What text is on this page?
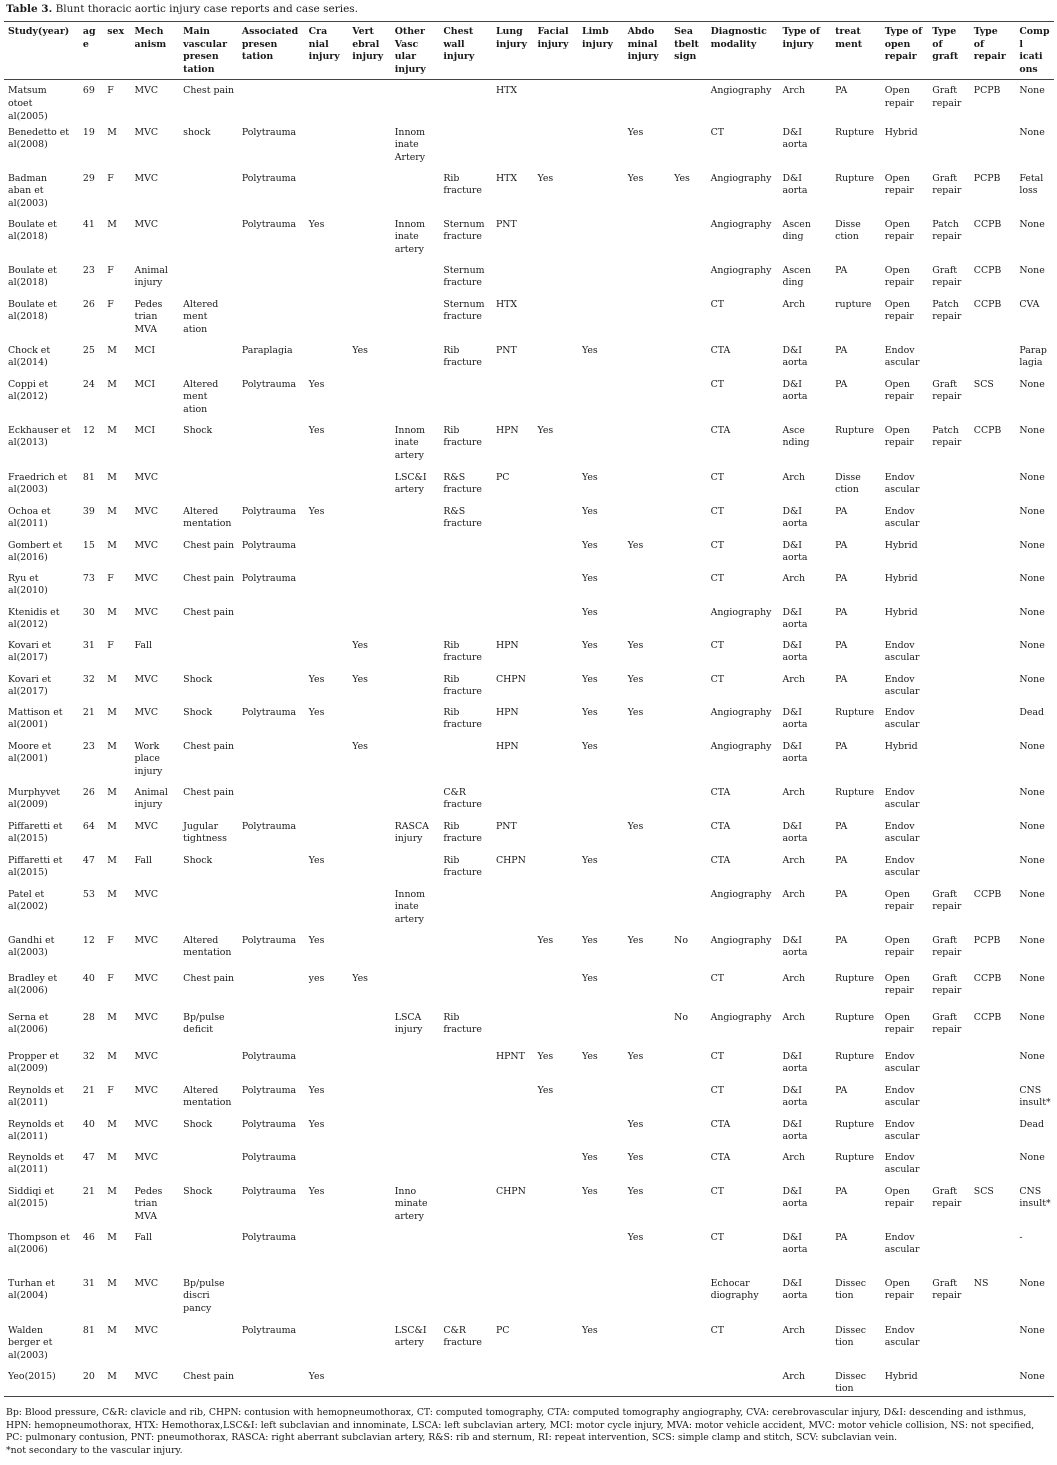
Table 3. Blunt thoracic aortic injury case reports and case series.
Study(year)	age	sex	Mech
anism	Main
vascular
presen
tation	Associated
presen
tation	Cra
nial
injury	Vert
ebral
injury	Other
Vasc
ular
injury	Chest
wall
injury	Lung
injury	Facial
injury	Limb
injury	Abdo
minal
injury	Sea
tbelt
sign	Diagnostic
modality	Type of
injury	treat
ment	Type of
open
repair	Type
of
graft	Type
of
repair	Compl
icati
ons
Matsum
otoet
al(2005)	69	F	MVC	Chest pain						HTX					Angiography	Arch	PA	Open
repair	Graft
repair	PCPB	None
Benedetto et
al(2008)	19	M	MVC	shock	Polytrauma			Innom
inate
Artery					Yes		CT	D&I
aorta	Rupture	Hybrid			None
Badman
aban et
al(2003)	29	F	MVC		Polytrauma				Rib
fracture	HTX	Yes		Yes	Yes	Angiography	D&I
aorta	Rupture	Open
repair	Graft
repair	PCPB	Fetal
loss
Boulate et
al(2018)	41	M	MVC		Polytrauma	Yes		Innom
inate
artery	Sternum
fracture	PNT					Angiography	Ascen
ding	Disse
ction	Open
repair	Patch
repair	CCPB	None
Boulate et
al(2018)	23	F	Animal
injury						Sternum
fracture						Angiography	Ascen
ding	PA	Open
repair	Graft
repair	CCPB	None
Boulate et
al(2018)	26	F	Pedes
trian
MVA	Altered
ment
ation					Sternum
fracture	HTX					CT	Arch	rupture	Open
repair	Patch
repair	CCPB	CVA
Chock et
al(2014)	25	M	MCI		Paraplagia		Yes		Rib
fracture	PNT		Yes			CTA	D&I
aorta	PA	Endov
ascular			Parap
lagia
Coppi et
al(2012)	24	M	MCI	Altered
ment
ation	Polytrauma	Yes									CT	D&I
aorta	PA	Open
repair	Graft
repair	SCS	None
Eckhauser et
al(2013)	12	M	MCI	Shock		Yes		Innom
inate
artery	Rib
fracture	HPN	Yes				CTA	Asce
nding	Rupture	Open
repair	Patch
repair	CCPB	None
Fraedrich et
al(2003)	81	M	MVC					LSC&I
artery	R&S
fracture	PC		Yes			CT	Arch	Disse
ction	Endov
ascular			None
Ochoa et
al(2011)	39	M	MVC	Altered
mentation	Polytrauma	Yes			R&S
fracture			Yes			CT	D&I
aorta	PA	Endov
ascular			None
Gombert et
al(2016)	15	M	MVC	Chest pain	Polytrauma							Yes	Yes		CT	D&I
aorta	PA	Hybrid			None
Ryu et
al(2010)	73	F	MVC	Chest pain	Polytrauma							Yes			CT	Arch	PA	Hybrid			None
Ktenidis et
al(2012)	30	M	MVC	Chest pain								Yes			Angiography	D&I
aorta	PA	Hybrid			None
Kovari et
al(2017)	31	F	Fall				Yes		Rib
fracture	HPN		Yes	Yes		CT	D&I
aorta	PA	Endov
ascular			None
Kovari et
al(2017)	32	M	MVC	Shock		Yes	Yes		Rib
fracture	CHPN		Yes	Yes		CT	Arch	PA	Endov
ascular			None
Mattison et
al(2001)	21	M	MVC	Shock	Polytrauma	Yes			Rib
fracture	HPN		Yes	Yes		Angiography	D&I
aorta	Rupture	Endov
ascular			Dead
Moore et
al(2001)	23	M	Work
place
injury	Chest pain			Yes			HPN		Yes			Angiography	D&I
aorta	PA	Hybrid			None
Murphyvet
al(2009)	26	M	Animal
injury	Chest pain					C&R
fracture						CTA	Arch	Rupture	Endov
ascular			None
Piffaretti et
al(2015)	64	M	MVC	Jugular
tightness	Polytrauma			RASCA
injury	Rib
fracture	PNT			Yes		CTA	D&I
aorta	PA	Endov
ascular			None
Piffaretti et
al(2015)	47	M	Fall	Shock		Yes			Rib
fracture	CHPN		Yes			CTA	Arch	PA	Endov
ascular			None
Patel et
al(2002)	53	M	MVC					Innom
inate
artery							Angiography	Arch	PA	Open
repair	Graft
repair	CCPB	None
Gandhi et
al(2003)	12	F	MVC	Altered
mentation	Polytrauma	Yes					Yes	Yes	Yes	No	Angiography	D&I
aorta	PA	Open
repair	Graft
repair	PCPB	None
Bradley et
al(2006)	40	F	MVC	Chest pain		yes	Yes					Yes			CT	Arch	Rupture	Open
repair	Graft
repair	CCPB	None
Serna et
al(2006)	28	M	MVC	Bp/pulse
deficit				LSCA
injury	Rib
fracture					No	Angiography	Arch	Rupture	Open
repair	Graft
repair	CCPB	None
Propper et
al(2009)	32	M	MVC		Polytrauma					HPNT	Yes	Yes	Yes		CT	D&I
aorta	Rupture	Endov
ascular			None
Reynolds et
al(2011)	21	F	MVC	Altered
mentation	Polytrauma	Yes					Yes				CT	D&I
aorta	PA	Endov
ascular			CNS
insult*
Reynolds et
al(2011)	40	M	MVC	Shock	Polytrauma	Yes							Yes		CTA	D&I
aorta	Rupture	Endov
ascular			Dead
Reynolds et
al(2011)	47	M	MVC		Polytrauma							Yes	Yes		CTA	Arch	Rupture	Endov
ascular			None
Siddiqi et
al(2015)	21	M	Pedes
trian
MVA	Shock	Polytrauma	Yes		Inno
minate
artery		CHPN		Yes	Yes		CT	D&I
aorta	PA	Open
repair	Graft
repair	SCS	CNS
insult*
Thompson et
al(2006)	46	M	Fall		Polytrauma								Yes		CT	D&I
aorta	PA	Endov
ascular			-
Turhan et
al(2004)	31	M	MVC	Bp/pulse
discri
pancy											Echocar
diography	D&I
aorta	Dissec
tion	Open
repair	Graft
repair	NS	None
Walden
berger et
al(2003)	81	M	MVC		Polytrauma			LSC&I
artery	C&R
fracture	PC		Yes			CT	Arch	Dissec
tion	Endov
ascular			None
Yeo(2015)	20	M	MVC	Chest pain		Yes										Arch	Dissec
tion	Hybrid			None
Bp: Blood pressure, C&R: clavicle and rib, CHPN: contusion with hemopneumothorax, CT: computed tomography, CTA: computed tomography angiography, CVA: cerebrovascular injury, D&I: descending and isthmus, HPN: hemopneumothorax, HTX: Hemothorax,LSC&I: left subclavian and innominate, LSCA: left subclavian artery, MCI: motor cycle injury, MVA: motor vehicle accident, MVC: motor vehicle collision, NS: not specified, PC: pulmonary contusion, PNT: pneumothorax, RASCA: right aberrant subclavian artery, R&S: rib and sternum, RI: repeat intervention, SCS: simple clamp and stitch, SCV: subclavian vein.
*not secondary to the vascular injury.
